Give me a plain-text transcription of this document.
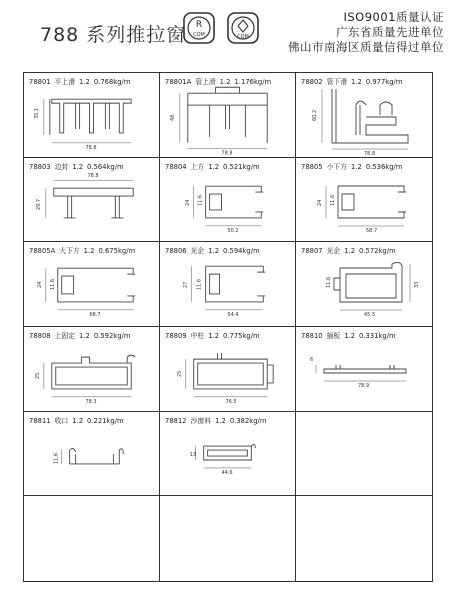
788 系列推拉窗 R
CQM	CQM
ISO9001质量认证
广东省质量先进单位
佛山市南海区质量信得过单位
78801 平上滑 1.2 0.768kg/m
35.1
78.8
78801A 管上滑 1.2 1.176kg/m
48
78.8
78802 管下滑 1.2 0.977kg/m
60.2
78.8
78803 边封 1.2 0.564kg/m
78.8
29.7
78804 上方 1.2 0.521kg/m
24 11.6
50.2
78805 小下方 1.2 0.536kg/m
24 11.6
58.7
78805A 大下方 1.2 0.675kg/m
24 11.6
68.7
78806 光企 1.2 0.594kg/m
27 11.6
54.4
78807 光企 1.2 0.572kg/m
11.6	33
45.5
78808 上固定 1.2 0.592kg/m
25
78.3
78809 中柱 1.2 0.775kg/m
25
76.5
78810 插板 1.2 0.331kg/m
6
78.9
78811 收口 1.2 0.221kg/m
11.6
78812 沙窗料 1.2 0.382kg/m
13
44.6
